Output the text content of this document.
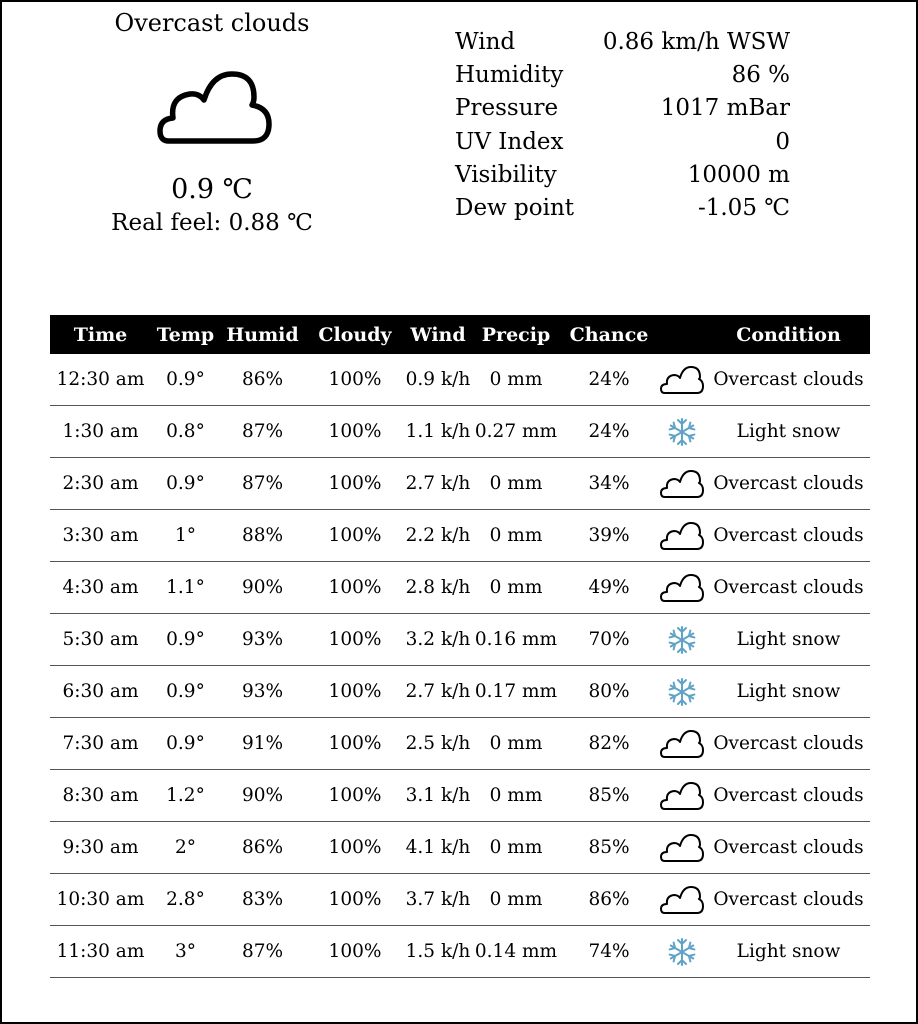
Overcast clouds
0.9 ℃
Real feel: 0.88 ℃
Wind	0.86 km/h WSW
Humidity	86 %
Pressure	1017 mBar
UV Index	0
Visibility	10000 m
Dew point	-1.05 ℃
Time	Temp	Humid	Cloudy	Wind	Precip	Chance		Condition
12:30 am	0.9°	86%	100%	0.9 k/h	0 mm	24%		Overcast clouds
1:30 am	0.8°	87%	100%	1.1 k/h	0.27 mm	24%		Light snow
2:30 am	0.9°	87%	100%	2.7 k/h	0 mm	34%		Overcast clouds
3:30 am	1°	88%	100%	2.2 k/h	0 mm	39%		Overcast clouds
4:30 am	1.1°	90%	100%	2.8 k/h	0 mm	49%		Overcast clouds
5:30 am	0.9°	93%	100%	3.2 k/h	0.16 mm	70%		Light snow
6:30 am	0.9°	93%	100%	2.7 k/h	0.17 mm	80%		Light snow
7:30 am	0.9°	91%	100%	2.5 k/h	0 mm	82%		Overcast clouds
8:30 am	1.2°	90%	100%	3.1 k/h	0 mm	85%		Overcast clouds
9:30 am	2°	86%	100%	4.1 k/h	0 mm	85%		Overcast clouds
10:30 am	2.8°	83%	100%	3.7 k/h	0 mm	86%		Overcast clouds
11:30 am	3°	87%	100%	1.5 k/h	0.14 mm	74%		Light snow
